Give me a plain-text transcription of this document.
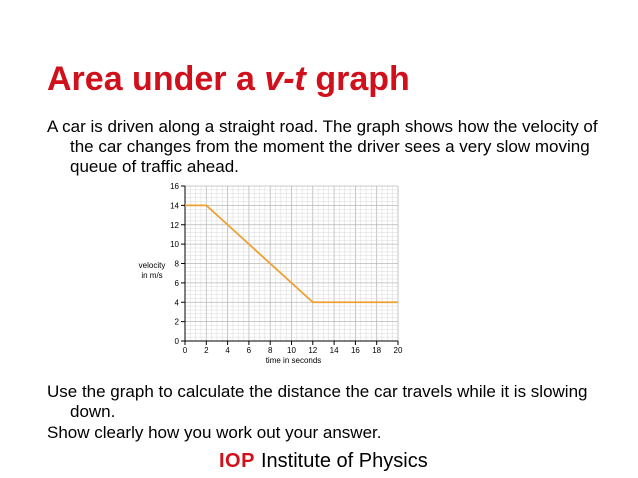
Area under a v-t graph

A car is driven along a straight road. The graph shows how the velocity of the car changes from the moment the driver sees a very slow moving queue of traffic ahead.

0 2 4 6 8 10 12 14 16 18 20
0
2
4
6
8
10
12
14
16
time in seconds
velocity in m/s

Use the graph to calculate the distance the car travels while it is slowing down.

Show clearly how you work out your answer.

IOP Institute of Physics
